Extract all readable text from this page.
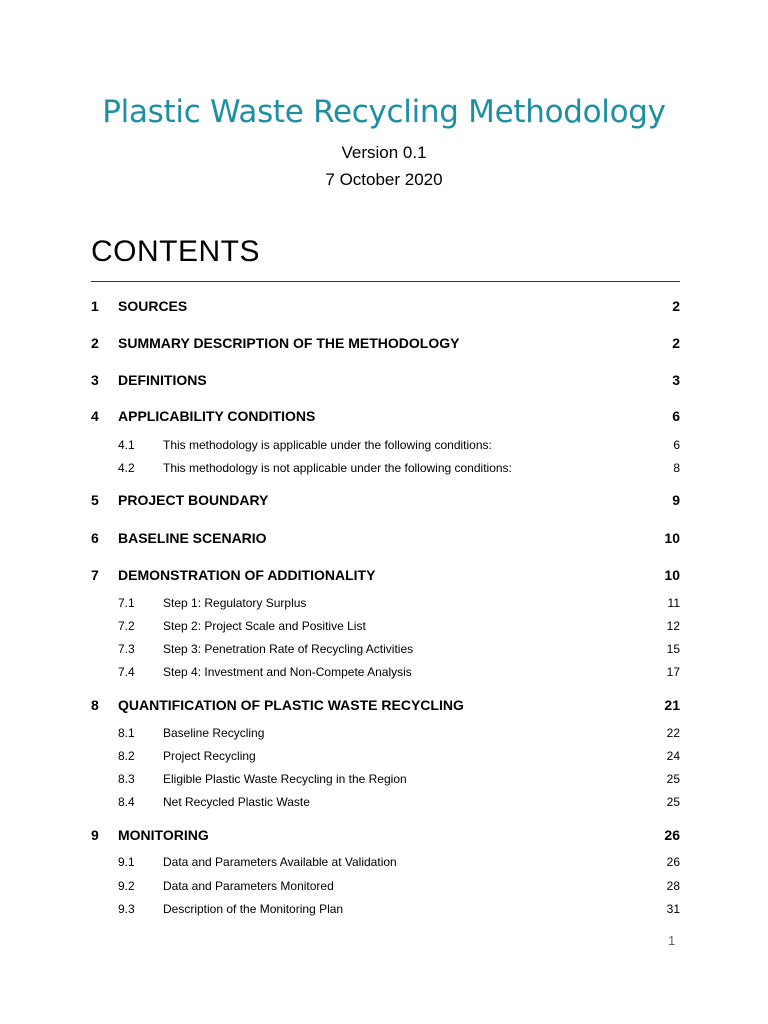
Plastic Waste Recycling Methodology
Version 0.1
7 October 2020
CONTENTS
1	SOURCES	2
2	SUMMARY DESCRIPTION OF THE METHODOLOGY	2
3	DEFINITIONS	3
4	APPLICABILITY CONDITIONS	6
4.1	This methodology is applicable under the following conditions:	6
4.2	This methodology is not applicable under the following conditions:	8
5	PROJECT BOUNDARY	9
6	BASELINE SCENARIO	10
7	DEMONSTRATION OF ADDITIONALITY	10
7.1	Step 1: Regulatory Surplus	11
7.2	Step 2: Project Scale and Positive List	12
7.3	Step 3: Penetration Rate of Recycling Activities	15
7.4	Step 4: Investment and Non-Compete Analysis	17
8	QUANTIFICATION OF PLASTIC WASTE RECYCLING	21
8.1	Baseline Recycling	22
8.2	Project Recycling	24
8.3	Eligible Plastic Waste Recycling in the Region	25
8.4	Net Recycled Plastic Waste	25
9	MONITORING	26
9.1	Data and Parameters Available at Validation	26
9.2	Data and Parameters Monitored	28
9.3	Description of the Monitoring Plan	31
1
